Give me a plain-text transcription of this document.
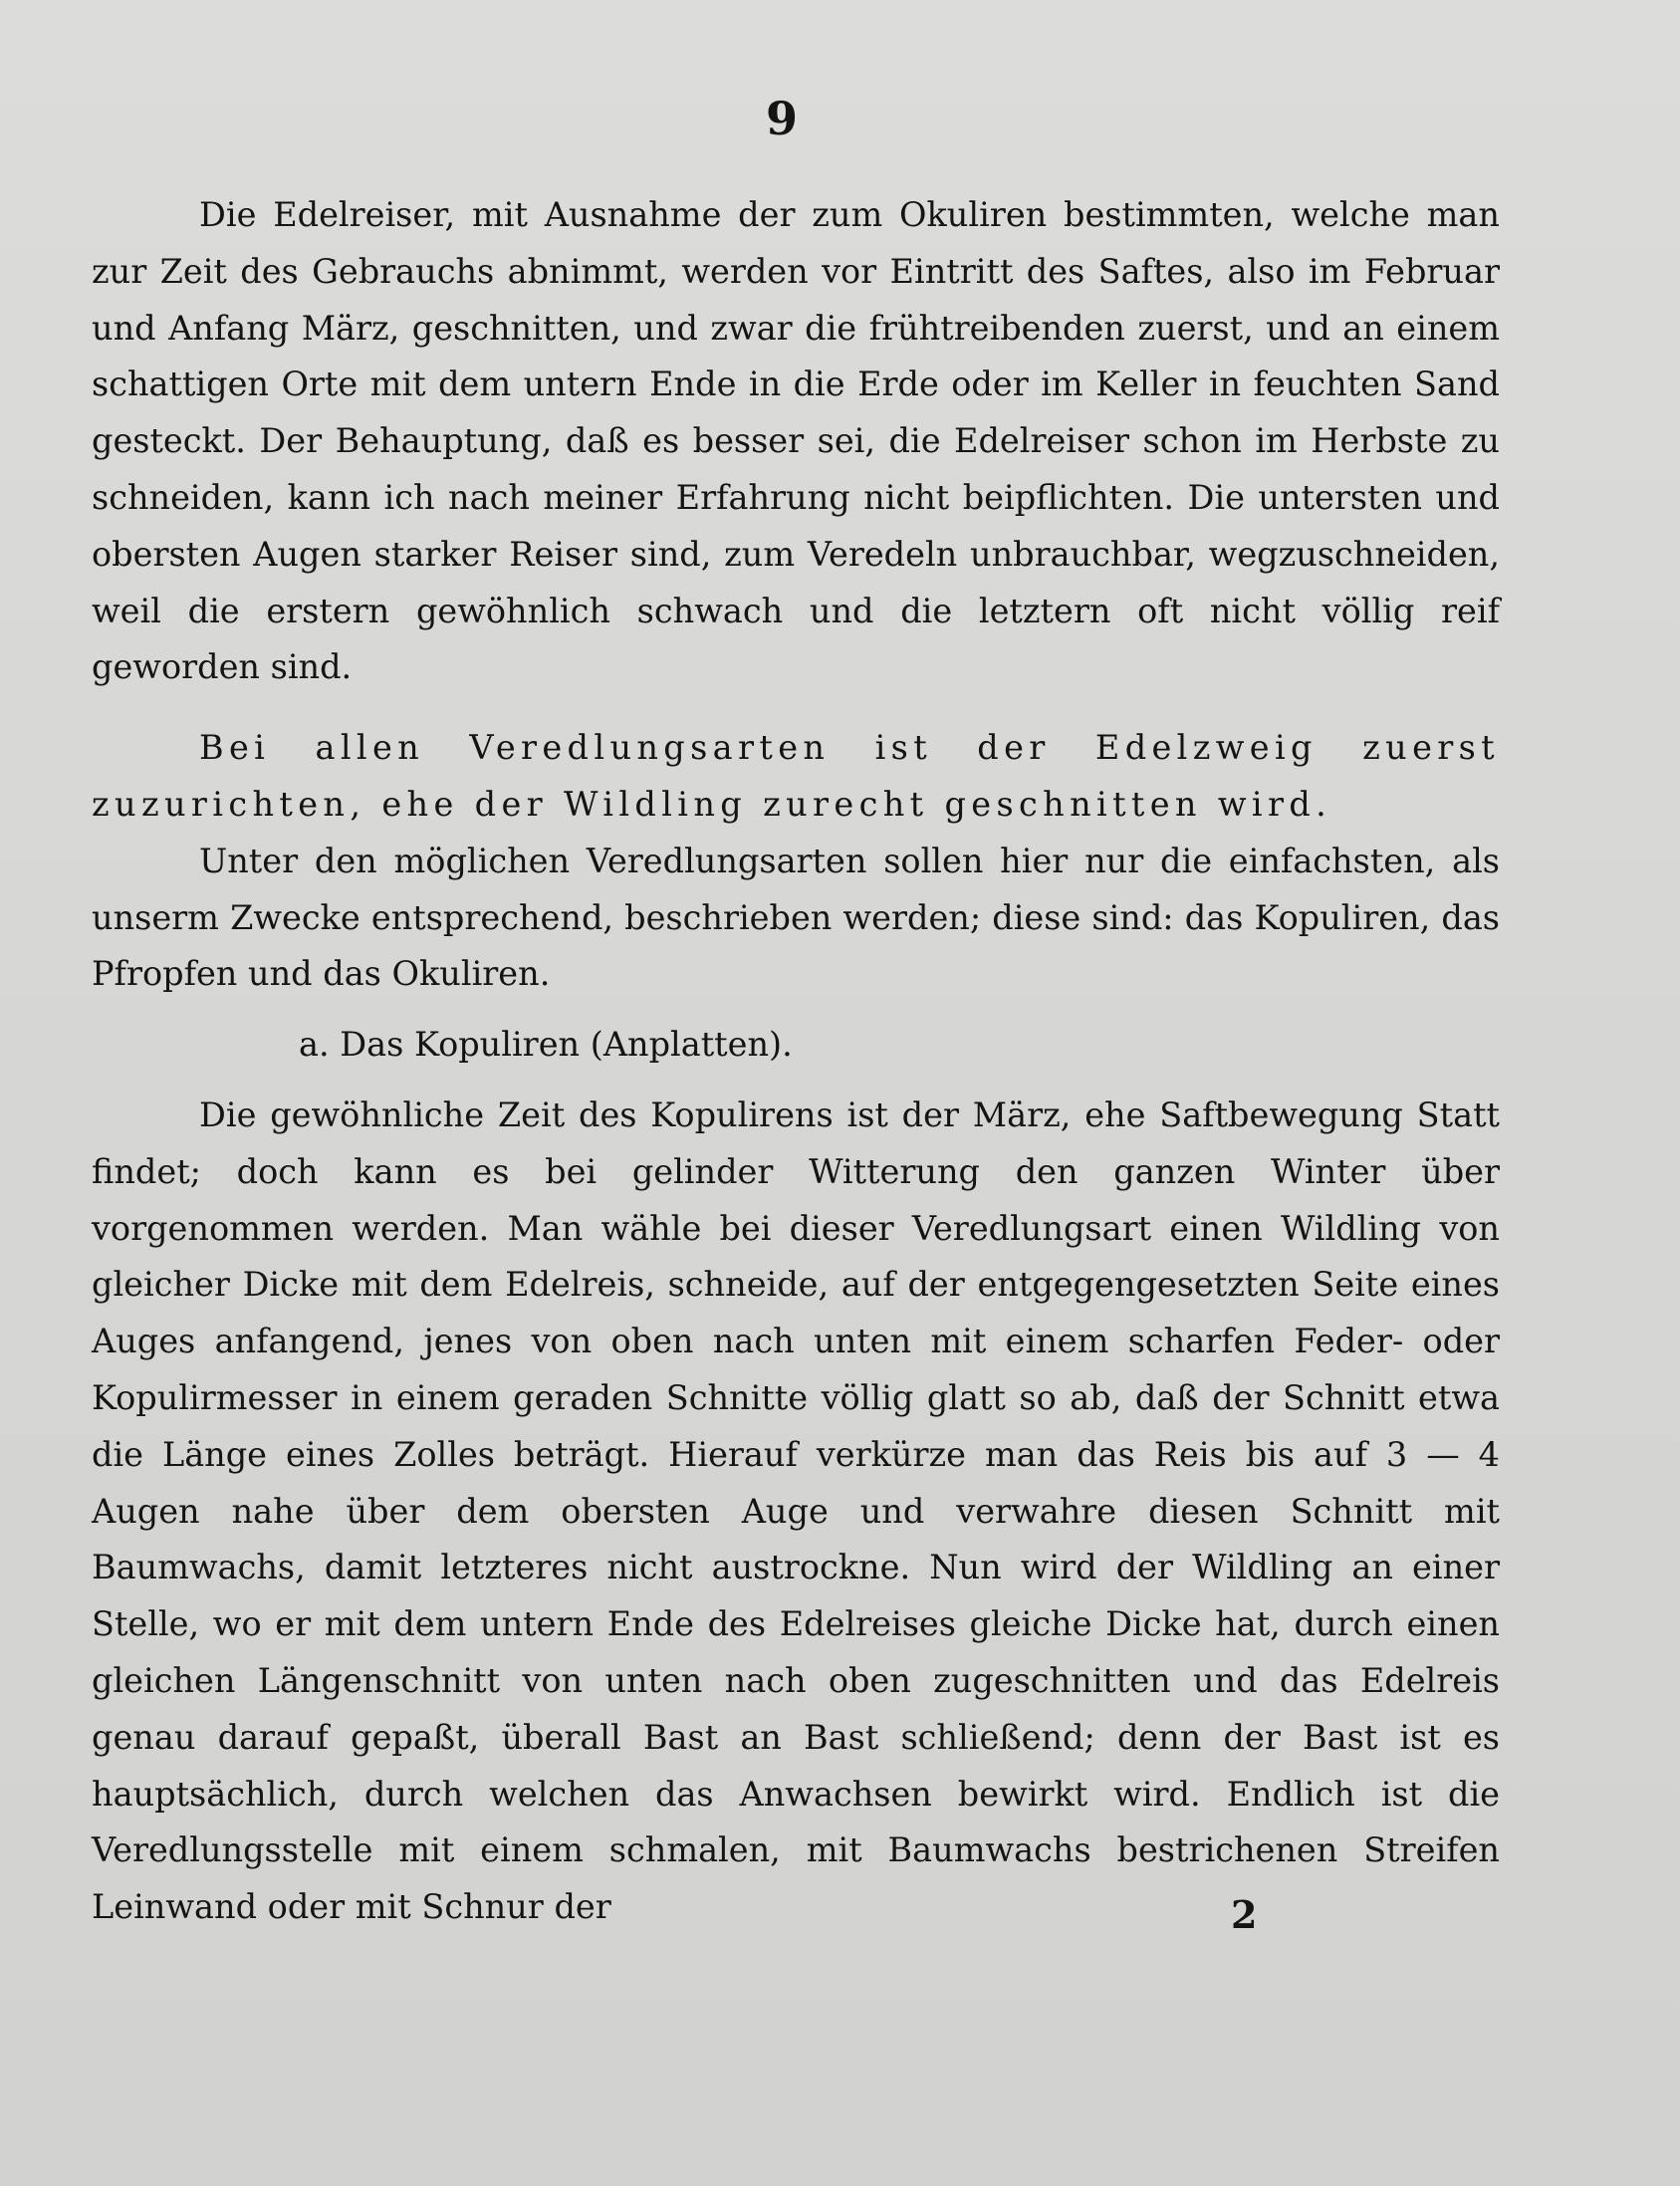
9

Die Edelreiser, mit Ausnahme der zum Okuliren bestimmten, welche man zur Zeit des Gebrauchs abnimmt, werden vor Eintritt des Saftes, also im Februar und Anfang März, geschnitten, und zwar die frühtreibenden zuerst, und an einem schattigen Orte mit dem untern Ende in die Erde oder im Keller in feuchten Sand gesteckt. Der Behauptung, daß es besser sei, die Edelreiser schon im Herbste zu schneiden, kann ich nach meiner Erfahrung nicht beipflichten. Die untersten und obersten Augen starker Reiser sind, zum Veredeln unbrauchbar, wegzuschneiden, weil die erstern gewöhnlich schwach und die letztern oft nicht völlig reif geworden sind.

Bei allen Veredlungsarten ist der Edelzweig zuerst zuzurichten, ehe der Wildling zurecht geschnitten wird.

Unter den möglichen Veredlungsarten sollen hier nur die einfachsten, als unserm Zwecke entsprechend, beschrieben werden; diese sind: das Kopuliren, das Pfropfen und das Okuliren.

a. Das Kopuliren (Anplatten).

Die gewöhnliche Zeit des Kopulirens ist der März, ehe Saftbewegung Statt findet; doch kann es bei gelinder Witterung den ganzen Winter über vorgenommen werden. Man wähle bei dieser Veredlungsart einen Wildling von gleicher Dicke mit dem Edelreis, schneide, auf der entgegengesetzten Seite eines Auges anfangend, jenes von oben nach unten mit einem scharfen Feder- oder Kopulirmesser in einem geraden Schnitte völlig glatt so ab, daß der Schnitt etwa die Länge eines Zolles beträgt. Hierauf verkürze man das Reis bis auf 3 — 4 Augen nahe über dem obersten Auge und verwahre diesen Schnitt mit Baumwachs, damit letzteres nicht austrockne. Nun wird der Wildling an einer Stelle, wo er mit dem untern Ende des Edelreises gleiche Dicke hat, durch einen gleichen Längenschnitt von unten nach oben zugeschnitten und das Edelreis genau darauf gepaßt, überall Bast an Bast schließend; denn der Bast ist es hauptsächlich, durch welchen das Anwachsen bewirkt wird. Endlich ist die Veredlungsstelle mit einem schmalen, mit Baumwachs bestrichenen Streifen Leinwand oder mit Schnur der	2
